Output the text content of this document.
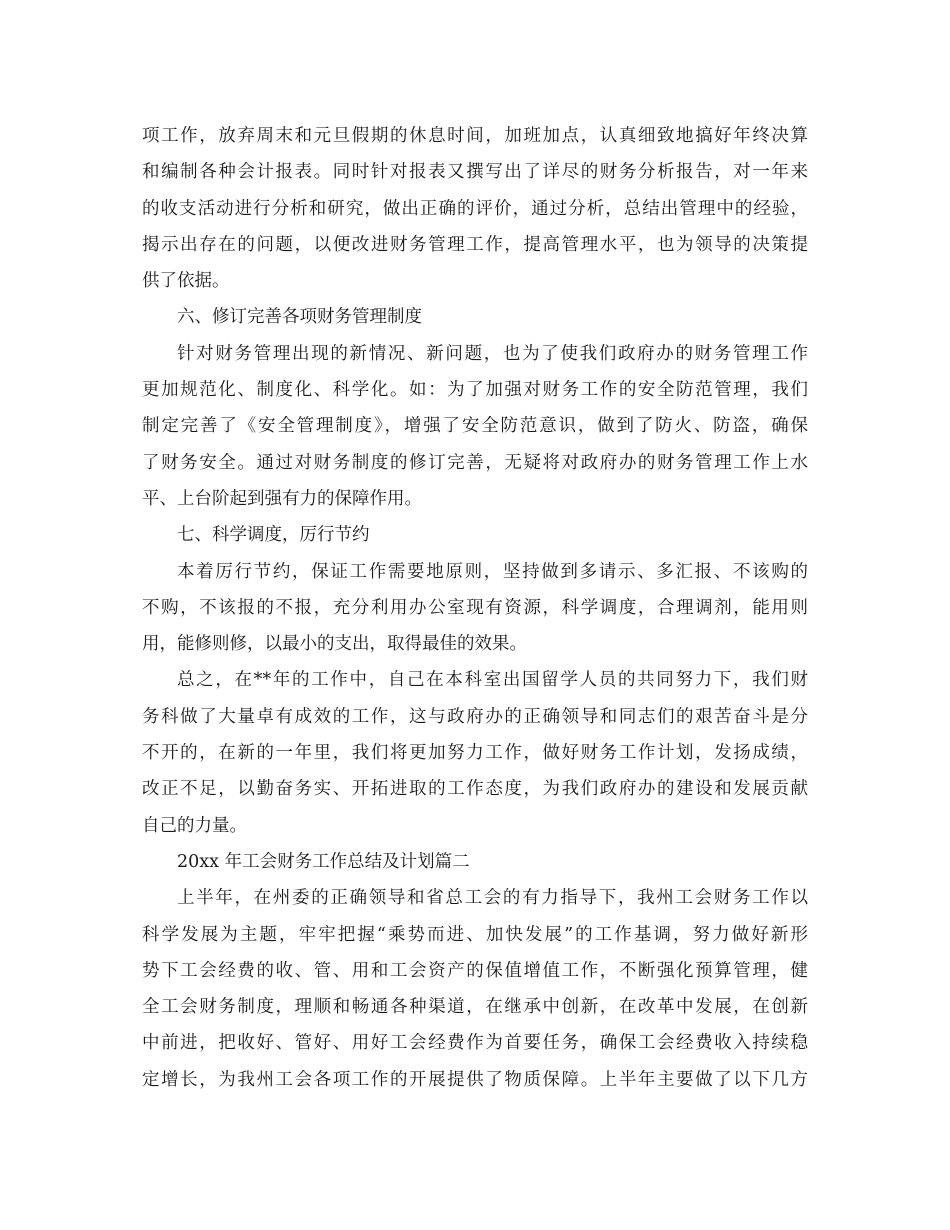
项工作，放弃周末和元旦假期的休息时间，加班加点，认真细致地搞好年终决算
和编制各种会计报表。同时针对报表又撰写出了详尽的财务分析报告，对一年来
的收支活动进行分析和研究，做出正确的评价，通过分析，总结出管理中的经验，
揭示出存在的问题，以便改进财务管理工作，提高管理水平，也为领导的决策提
供了依据。
六、修订完善各项财务管理制度
针对财务管理出现的新情况、新问题，也为了使我们政府办的财务管理工作
更加规范化、制度化、科学化。如：为了加强对财务工作的安全防范管理，我们
制定完善了《安全管理制度》，增强了安全防范意识，做到了防火、防盗，确保
了财务安全。通过对财务制度的修订完善，无疑将对政府办的财务管理工作上水
平、上台阶起到强有力的保障作用。
七、科学调度，厉行节约
本着厉行节约，保证工作需要地原则，坚持做到多请示、多汇报、不该购的
不购，不该报的不报，充分利用办公室现有资源，科学调度，合理调剂，能用则
用，能修则修，以最小的支出，取得最佳的效果。
总之，在**年的工作中，自己在本科室出国留学人员的共同努力下，我们财
务科做了大量卓有成效的工作，这与政府办的正确领导和同志们的艰苦奋斗是分
不开的，在新的一年里，我们将更加努力工作，做好财务工作计划，发扬成绩，
改正不足，以勤奋务实、开拓进取的工作态度，为我们政府办的建设和发展贡献
自己的力量。
20xx 年工会财务工作总结及计划篇二
上半年，在州委的正确领导和省总工会的有力指导下，我州工会财务工作以
科学发展为主题，牢牢把握“乘势而进、加快发展”的工作基调，努力做好新形
势下工会经费的收、管、用和工会资产的保值增值工作，不断强化预算管理，健
全工会财务制度，理顺和畅通各种渠道，在继承中创新，在改革中发展，在创新
中前进，把收好、管好、用好工会经费作为首要任务，确保工会经费收入持续稳
定增长，为我州工会各项工作的开展提供了物质保障。上半年主要做了以下几方
